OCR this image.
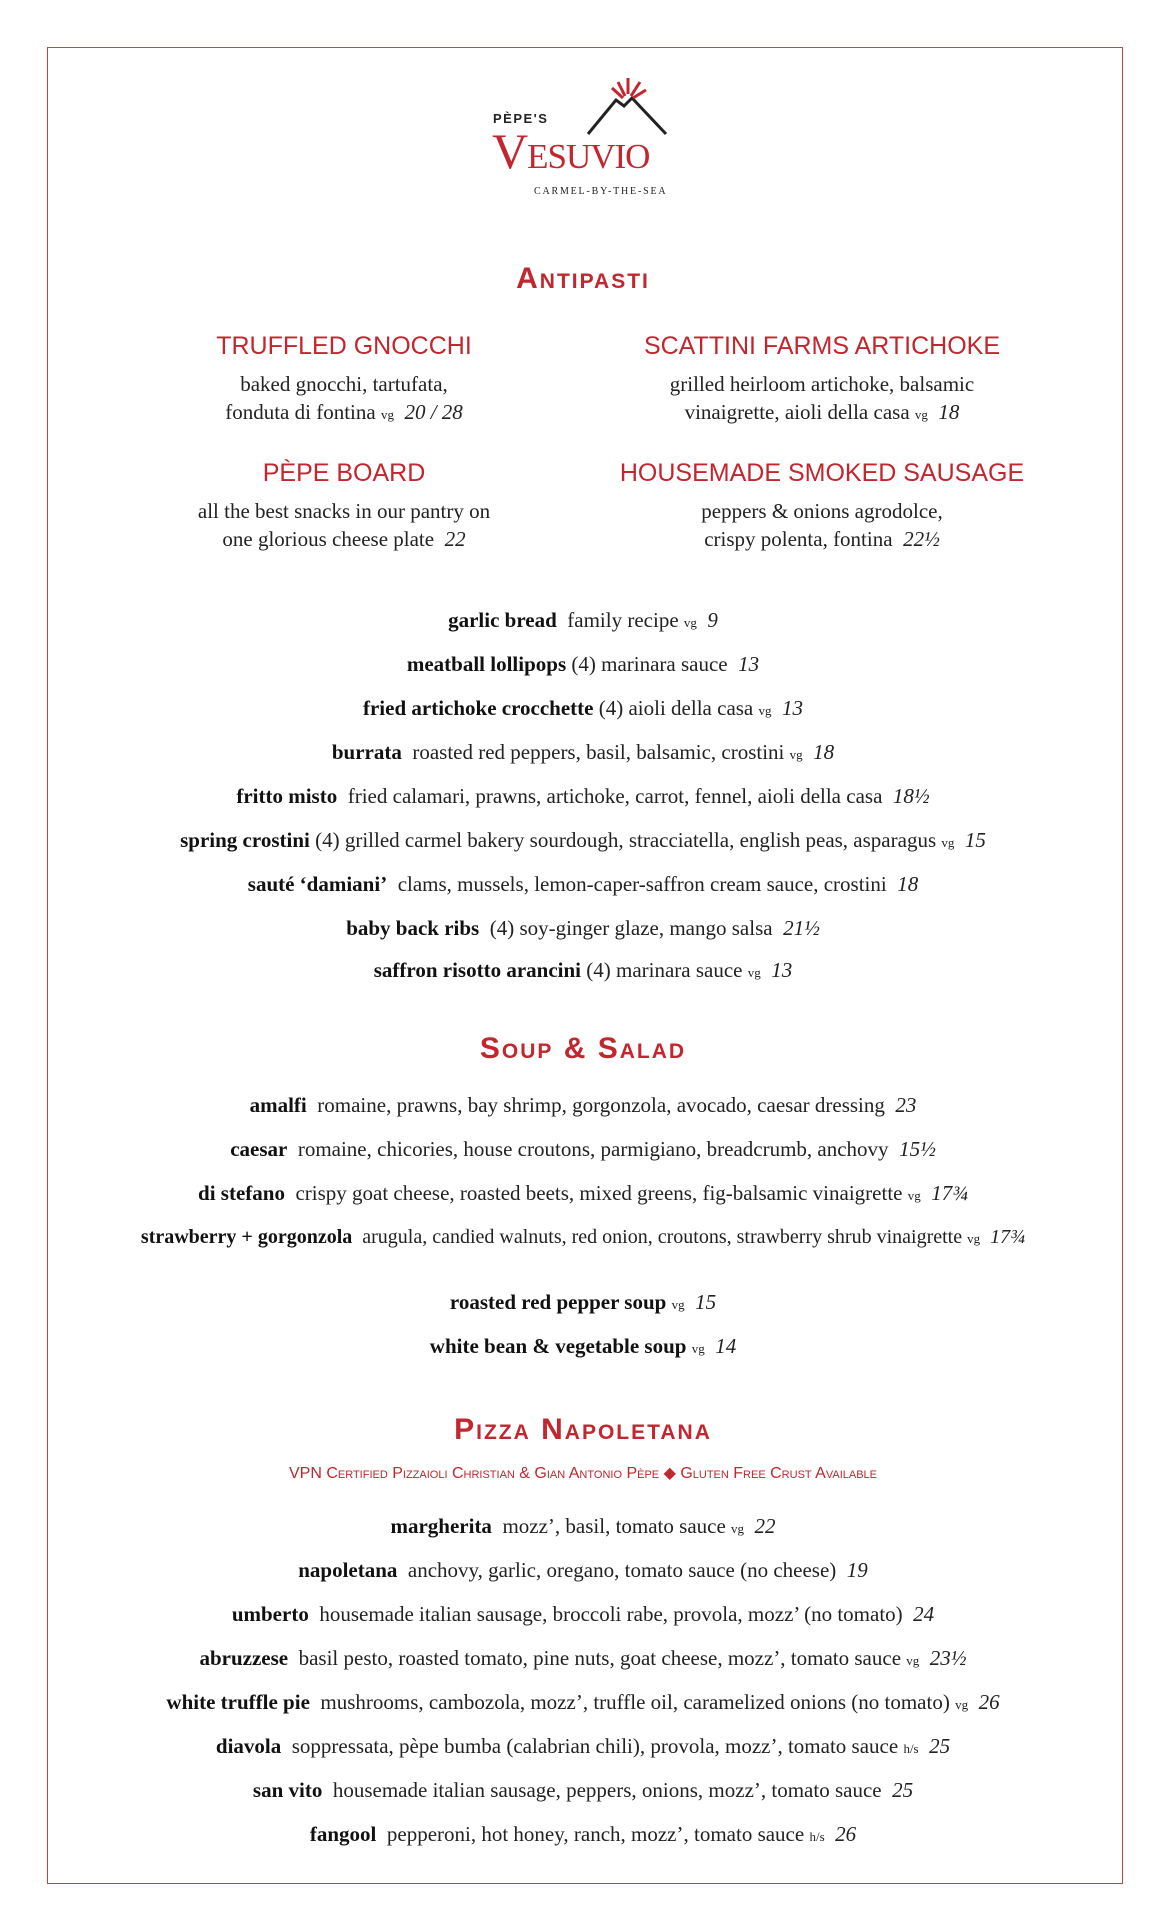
PÈPE'S
Vesuvio
CARMEL-BY-THE-SEA
Antipasti
TRUFFLED GNOCCHI

baked gnocchi, tartufata,
fonduta di fontina vg 20 / 28

SCATTINI FARMS ARTICHOKE

grilled heirloom artichoke, balsamic
vinaigrette, aioli della casa vg 18

PÈPE BOARD

all the best snacks in our pantry on
one glorious cheese plate 22

HOUSEMADE SMOKED SAUSAGE

peppers & onions agrodolce,
crispy polenta, fontina 22½

garlic bread family recipe vg 9
meatball lollipops (4) marinara sauce 13
fried artichoke crocchette (4) aioli della casa vg 13
burrata roasted red peppers, basil, balsamic, crostini vg 18
fritto misto fried calamari, prawns, artichoke, carrot, fennel, aioli della casa 18½
spring crostini (4) grilled carmel bakery sourdough, stracciatella, english peas, asparagus vg 15
sauté ‘damiani’ clams, mussels, lemon-caper-saffron cream sauce, crostini 18
baby back ribs (4) soy-ginger glaze, mango salsa 21½
saffron risotto arancini (4) marinara sauce vg 13
Soup & Salad
amalfi romaine, prawns, bay shrimp, gorgonzola, avocado, caesar dressing 23
caesar romaine, chicories, house croutons, parmigiano, breadcrumb, anchovy 15½
di stefano crispy goat cheese, roasted beets, mixed greens, fig-balsamic vinaigrette vg 17¾
strawberry + gorgonzola arugula, candied walnuts, red onion, croutons, strawberry shrub vinaigrette vg 17¾
roasted red pepper soup vg 15
white bean & vegetable soup vg 14
Pizza Napoletana
VPN Certified Pizzaioli Christian & Gian Antonio Pèpe ◆ Gluten Free Crust Available
margherita mozz’, basil, tomato sauce vg 22
napoletana anchovy, garlic, oregano, tomato sauce (no cheese) 19
umberto housemade italian sausage, broccoli rabe, provola, mozz’ (no tomato) 24
abruzzese basil pesto, roasted tomato, pine nuts, goat cheese, mozz’, tomato sauce vg 23½
white truffle pie mushrooms, cambozola, mozz’, truffle oil, caramelized onions (no tomato) vg 26
diavola soppressata, pèpe bumba (calabrian chili), provola, mozz’, tomato sauce h/s 25
san vito housemade italian sausage, peppers, onions, mozz’, tomato sauce 25
fangool pepperoni, hot honey, ranch, mozz’, tomato sauce h/s 26
